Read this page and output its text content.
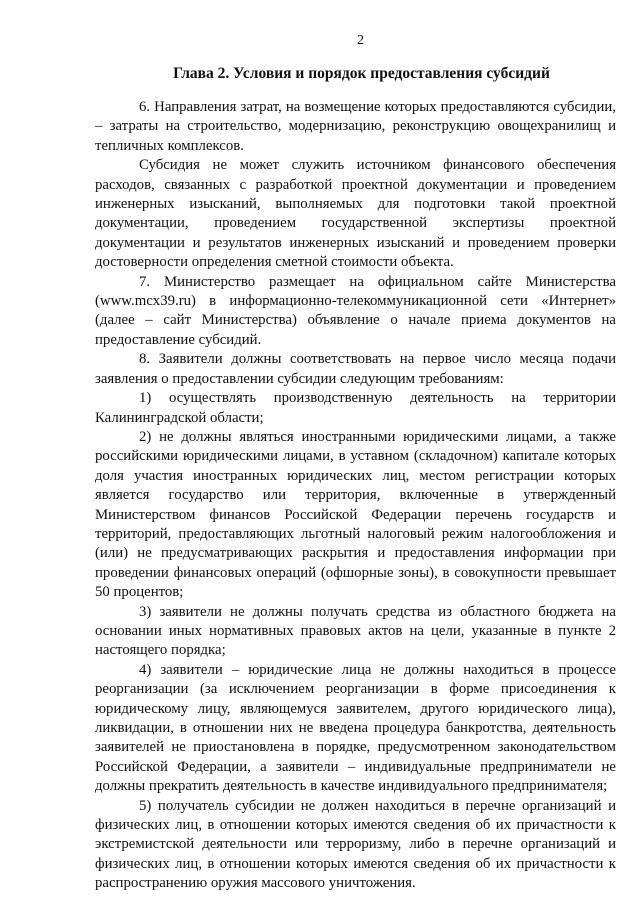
2
Глава 2. Условия и порядок предоставления субсидий

6. Направления затрат, на возмещение которых предоставляются субсидии, – затраты на строительство, модернизацию, реконструкцию овощехранилищ и тепличных комплексов.

Субсидия не может служить источником финансового обеспечения расходов, связанных с разработкой проектной документации и проведением инженерных изысканий, выполняемых для подготовки такой проектной документации, проведением государственной экспертизы проектной документации и результатов инженерных изысканий и проведением проверки достоверности определения сметной стоимости объекта.

7. Министерство размещает на официальном сайте Министерства (www.mcx39.ru) в информационно-телекоммуникационной сети «Интернет» (далее – сайт Министерства) объявление о начале приема документов на предоставление субсидий.

8. Заявители должны соответствовать на первое число месяца подачи заявления о предоставлении субсидии следующим требованиям:

1) осуществлять производственную деятельность на территории Калининградской области;

2) не должны являться иностранными юридическими лицами, а также российскими юридическими лицами, в уставном (складочном) капитале которых доля участия иностранных юридических лиц, местом регистрации которых является государство или территория, включенные в утвержденный Министерством финансов Российской Федерации перечень государств и территорий, предоставляющих льготный налоговый режим налогообложения и (или) не предусматривающих раскрытия и предоставления информации при проведении финансовых операций (офшорные зоны), в совокупности превышает 50 процентов;

3) заявители не должны получать средства из областного бюджета на основании иных нормативных правовых актов на цели, указанные в пункте 2 настоящего порядка;

4) заявители – юридические лица не должны находиться в процессе реорганизации (за исключением реорганизации в форме присоединения к юридическому лицу, являющемуся заявителем, другого юридического лица), ликвидации, в отношении них не введена процедура банкротства, деятельность заявителей не приостановлена в порядке, предусмотренном законодательством Российской Федерации, а заявители – индивидуальные предприниматели не должны прекратить деятельность в качестве индивидуального предпринимателя;

5) получатель субсидии не должен находиться в перечне организаций и физических лиц, в отношении которых имеются сведения об их причастности к экстремистской деятельности или терроризму, либо в перечне организаций и физических лиц, в отношении которых имеются сведения об их причастности к распространению оружия массового уничтожения.
